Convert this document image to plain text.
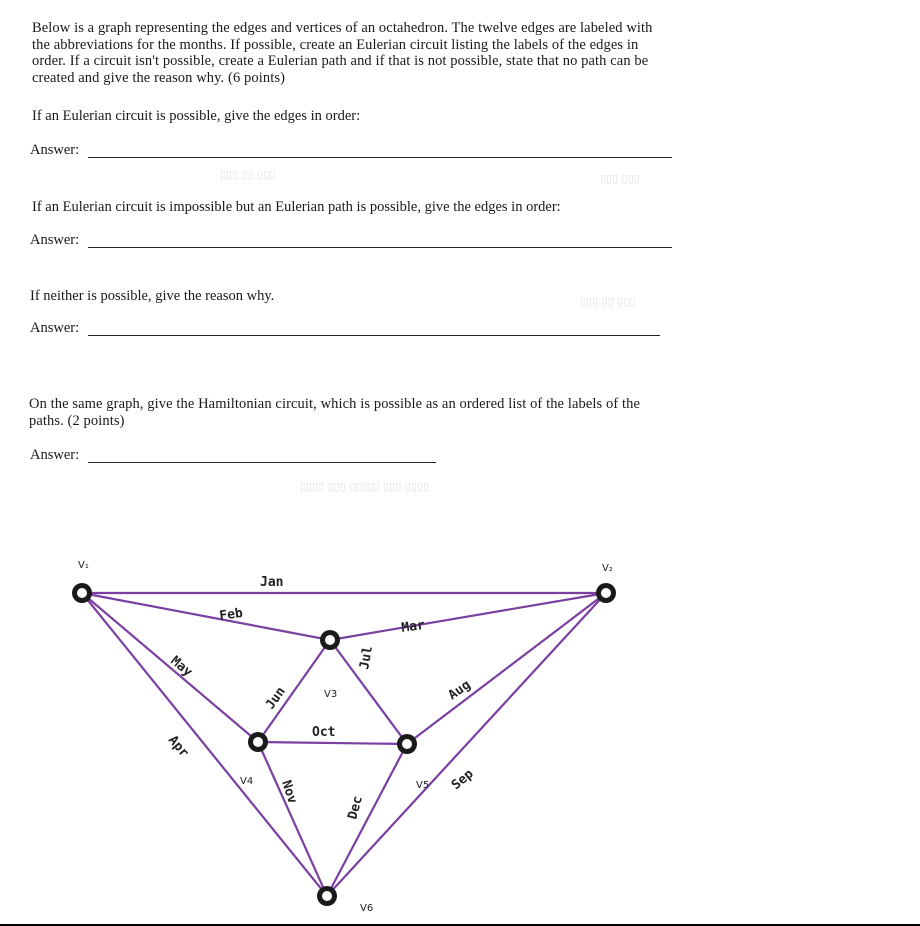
▯▯▯ ▯▯ ▯▯▯	▯▯▯ ▯▯▯
▯▯▯ ▯▯ ▯▯▯
▯▯▯▯ ▯▯▯ ▯▯▯▯▯ ▯▯▯ ▯▯▯▯
Below is a graph representing the edges and vertices of an octahedron. The twelve edges are labeled with the abbreviations for the months. If possible, create an Eulerian circuit listing the labels of the edges in order. If a circuit isn't possible, create a Eulerian path and if that is not possible, state that no path can be created and give the reason why. (6 points)
If an Eulerian circuit is possible, give the edges in order:
Answer:
If an Eulerian circuit is impossible but an Eulerian path is possible, give the edges in order:
Answer:
If neither is possible, give the reason why.
Answer:
On the same graph, give the Hamiltonian circuit, which is possible as an ordered list of the labels of the paths. (2 points)
Answer:
V₁	V₂
V3
V4	V5
V6
Jan
Feb
Mar
Apr
May
Jun
Jul
Aug
Sep
Oct
Nov
Dec
